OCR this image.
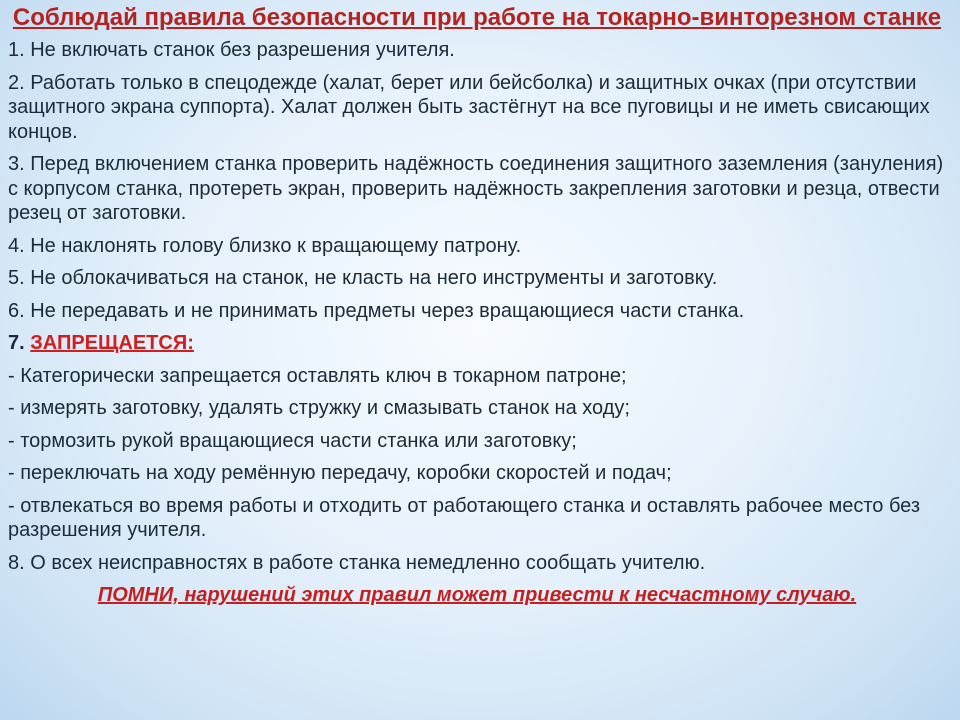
Соблюдай правила безопасности при работе на токарно-винторезном станке
1. Не включать станок без разрешения учителя.
2. Работать только в спецодежде (халат, берет или бейсболка) и защитных очках (при отсутствии защитного экрана суппорта). Халат должен быть застёгнут на все пуговицы и не иметь свисающих концов.
3. Перед включением станка проверить надёжность соединения защитного заземления (зануления) с корпусом станка, протереть экран, проверить надёжность закрепления заготовки и резца, отвести резец от заготовки.
4. Не наклонять голову близко к вращающему патрону.
5. Не облокачиваться на станок, не класть на него инструменты и заготовку.
6. Не передавать и не принимать предметы через вращающиеся части станка.
7. ЗАПРЕЩАЕТСЯ:
- Категорически запрещается оставлять ключ в токарном патроне;
- измерять заготовку, удалять стружку и смазывать станок на ходу;
- тормозить рукой вращающиеся части станка или заготовку;
- переключать на ходу ремённую передачу, коробки скоростей и подач;
- отвлекаться во время работы и отходить от работающего станка и оставлять рабочее место без разрешения учителя.
8. О всех неисправностях в работе станка немедленно сообщать учителю.
ПОМНИ, нарушений этих правил может привести к несчастному случаю.
